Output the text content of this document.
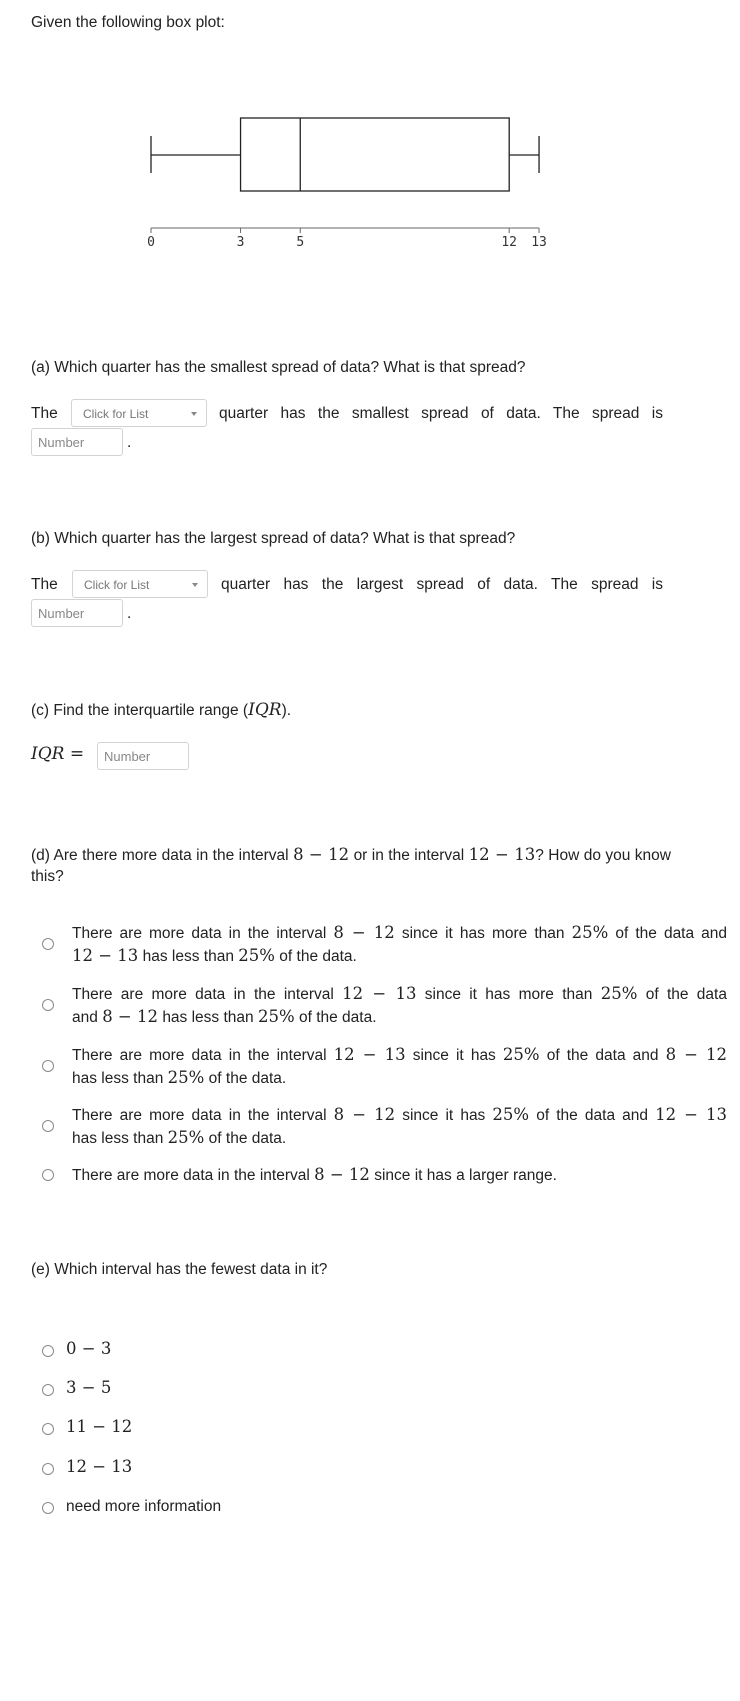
Given the following box plot:
0	3	5	12 13
(a) Which quarter has the smallest spread of data? What is that spread?
The	Click for List	quarter has the smallest spread of data. The spread is
Number	.
(b) Which quarter has the largest spread of data? What is that spread?
The	Click for List	quarter has the largest spread of data. The spread is
Number	.
(c) Find the interquartile range (IQR).
IQR =	Number
(d) Are there more data in the interval 8 − 12 or in the interval 12 − 13? How do you know
this?
There are more data in the interval 8 − 12 since it has more than 25% of the data and
12 − 13 has less than 25% of the data.
There are more data in the interval 12 − 13 since it has more than 25% of the data
and 8 − 12 has less than 25% of the data.
There are more data in the interval 12 − 13 since it has 25% of the data and 8 − 12
has less than 25% of the data.
There are more data in the interval 8 − 12 since it has 25% of the data and 12 − 13
has less than 25% of the data.
There are more data in the interval 8 − 12 since it has a larger range.
(e) Which interval has the fewest data in it?
0 − 3
3 − 5
11 − 12
12 − 13
need more information
